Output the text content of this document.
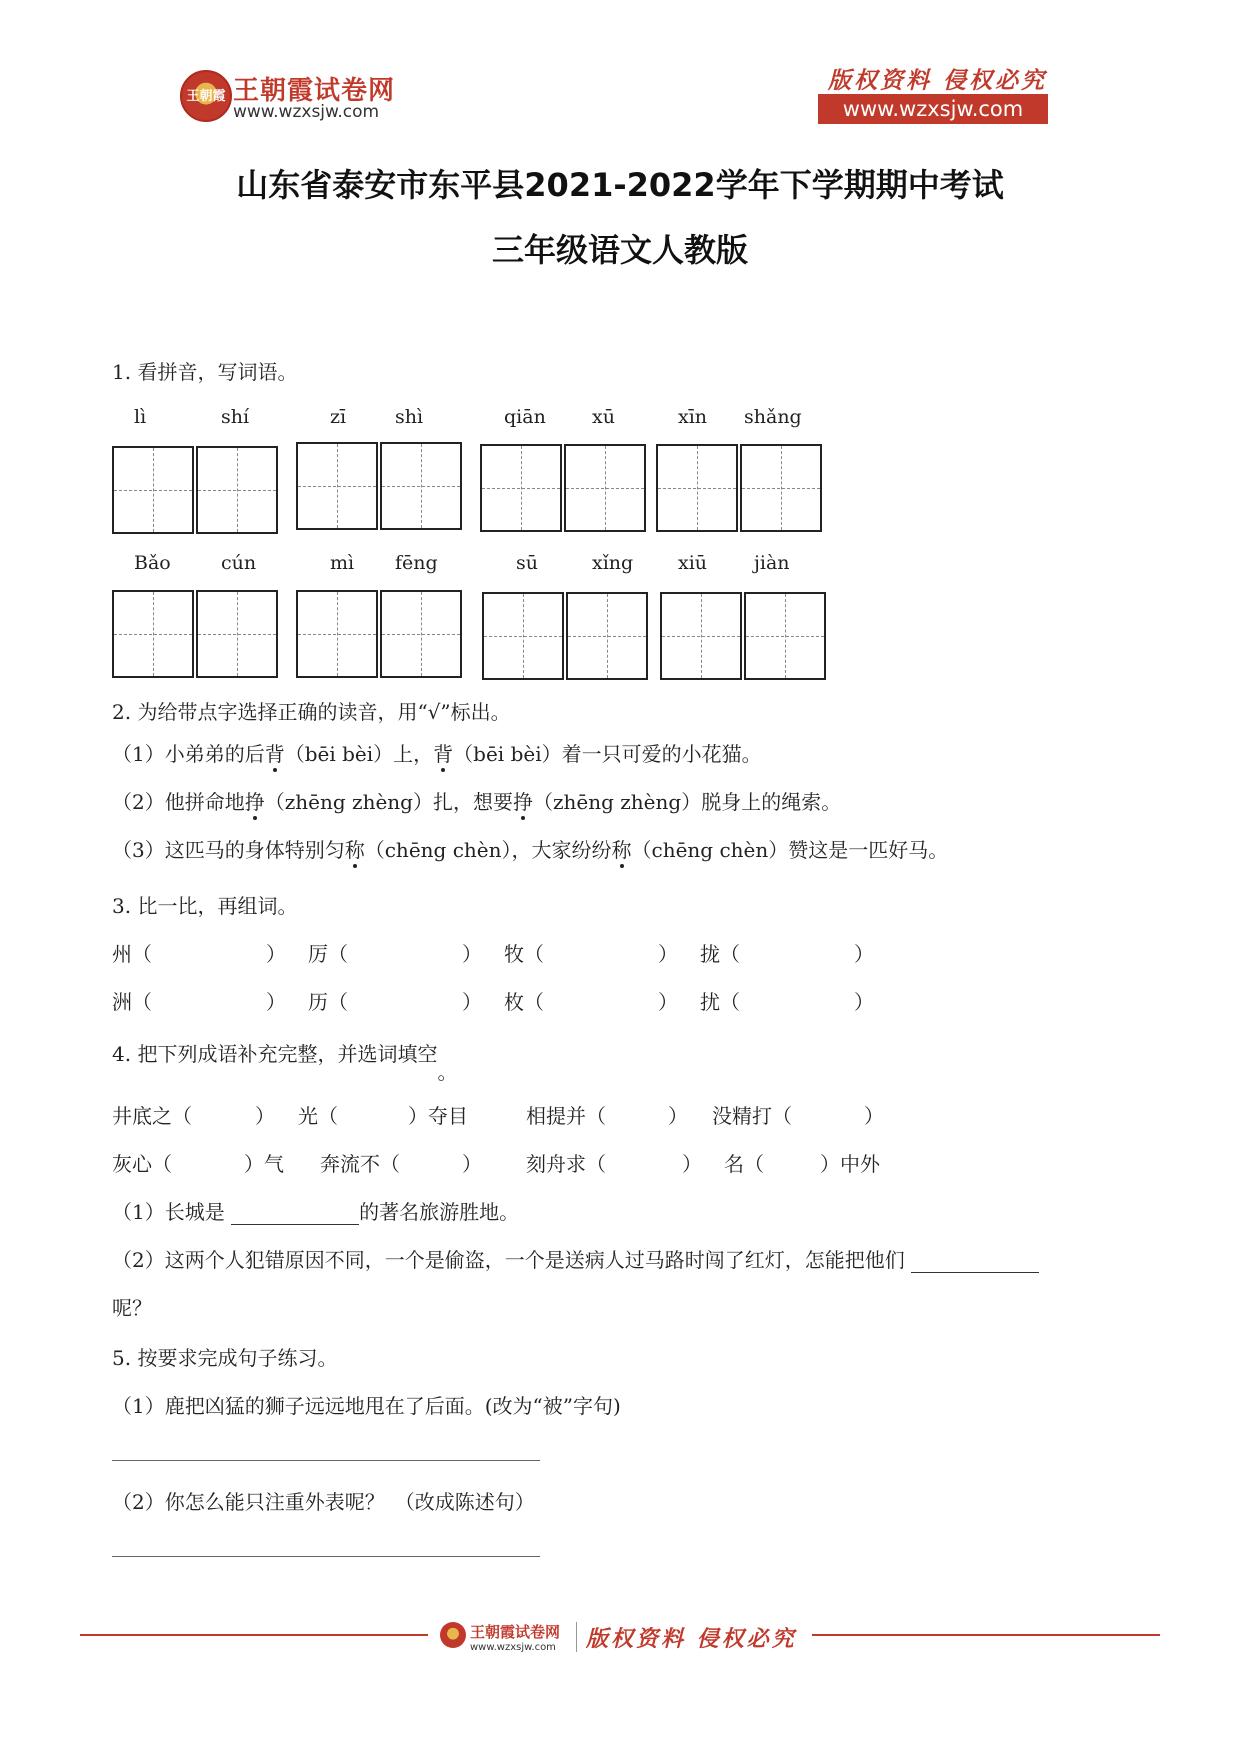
王朝霞 王朝霞试卷网
www.wzxsjw.com
版权资料 侵权必究
www.wzxsjw.com
山东省泰安市东平县2021-2022学年下学期期中考试
三年级语文人教版
1. 看拼音，写词语。
lì	shí	zī	shì	qiān xū	xīn shǎng
Bǎo	cún	mì fēng	sū	xǐng xiū jiàn
2. 为给带点字选择正确的读音，用“√”标出。
（1）小弟弟的后背（bēi bèi）上，背（bēi bèi）着一只可爱的小花猫。
（2）他拼命地挣（zhēng zhèng）扎，想要挣（zhēng zhèng）脱身上的绳索。
（3）这匹马的身体特别匀称（chēng chèn），大家纷纷称（chēng chèn）赞这是一匹好马。
3. 比一比，再组词。
州（	） 厉（	） 牧（	） 拢（	）
洲（	） 历（	） 枚（	） 扰（	）
4. 把下列成语补充完整，并选词填空。
井底之（	） 光（	）夺目	相提并（	） 没精打（	）
灰心（	）气 奔流不（	） 刻舟求（	） 名（	）中外
（1）长城是	的著名旅游胜地。
（2）这两个人犯错原因不同，一个是偷盗，一个是送病人过马路时闯了红灯，怎能把他们
呢？
5. 按要求完成句子练习。
（1）鹿把凶猛的狮子远远地甩在了后面。(改为“被”字句)
（2）你怎么能只注重外表呢？　（改成陈述句）
王朝霞试卷网
www.wzxsjw.com 版权资料 侵权必究
